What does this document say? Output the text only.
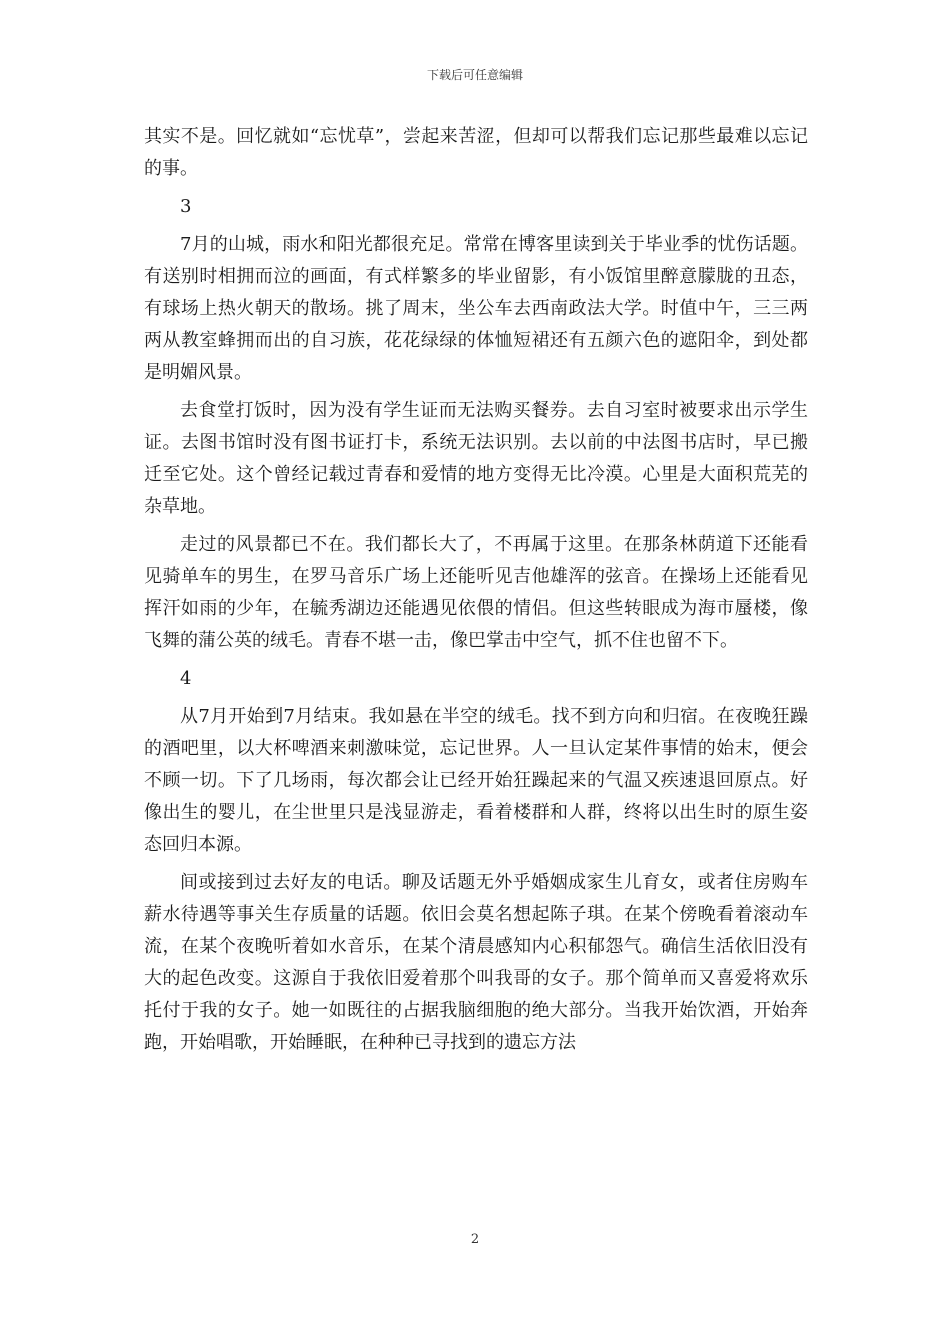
下载后可任意编辑

其实不是。回忆就如“忘忧草”，尝起来苦涩，但却可以帮我们忘记那些最难以忘记的事。

3

7月的山城，雨水和阳光都很充足。常常在博客里读到关于毕业季的忧伤话题。有送别时相拥而泣的画面，有式样繁多的毕业留影，有小饭馆里醉意朦胧的丑态，有球场上热火朝天的散场。挑了周末，坐公车去西南政法大学。时值中午，三三两两从教室蜂拥而出的自习族，花花绿绿的体恤短裙还有五颜六色的遮阳伞，到处都是明媚风景。

去食堂打饭时，因为没有学生证而无法购买餐券。去自习室时被要求出示学生证。去图书馆时没有图书证打卡，系统无法识别。去以前的中法图书店时，早已搬迁至它处。这个曾经记载过青春和爱情的地方变得无比冷漠。心里是大面积荒芜的杂草地。

走过的风景都已不在。我们都长大了，不再属于这里。在那条林荫道下还能看见骑单车的男生，在罗马音乐广场上还能听见吉他雄浑的弦音。在操场上还能看见挥汗如雨的少年，在毓秀湖边还能遇见依偎的情侣。但这些转眼成为海市蜃楼，像飞舞的蒲公英的绒毛。青春不堪一击，像巴掌击中空气，抓不住也留不下。

4

从7月开始到7月结束。我如悬在半空的绒毛。找不到方向和归宿。在夜晚狂躁的酒吧里，以大杯啤酒来刺激味觉，忘记世界。人一旦认定某件事情的始末，便会不顾一切。下了几场雨，每次都会让已经开始狂躁起来的气温又疾速退回原点。好像出生的婴儿，在尘世里只是浅显游走，看着楼群和人群，终将以出生时的原生姿态回归本源。

间或接到过去好友的电话。聊及话题无外乎婚姻成家生儿育女，或者住房购车薪水待遇等事关生存质量的话题。依旧会莫名想起陈子琪。在某个傍晚看着滚动车流，在某个夜晚听着如水音乐，在某个清晨感知内心积郁怨气。确信生活依旧没有大的起色改变。这源自于我依旧爱着那个叫我哥的女子。那个简单而又喜爱将欢乐托付于我的女子。她一如既往的占据我脑细胞的绝大部分。当我开始饮酒，开始奔跑，开始唱歌，开始睡眠，在种种已寻找到的遗忘方法

2
